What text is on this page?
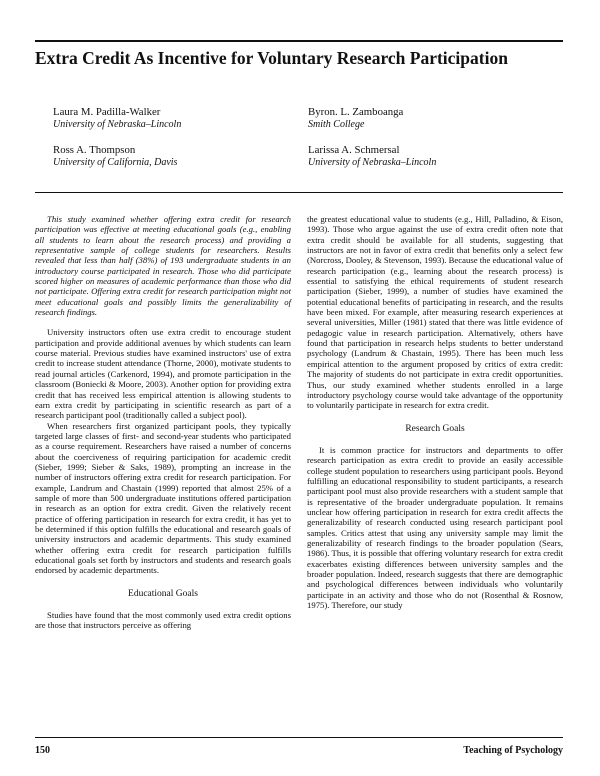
Extra Credit As Incentive for Voluntary Research Participation
Laura M. Padilla-Walker
University of Nebraska–Lincoln
Byron. L. Zamboanga
Smith College
Ross A. Thompson
University of California, Davis
Larissa A. Schmersal
University of Nebraska–Lincoln

This study examined whether offering extra credit for research participation was effective at meeting educational goals (e.g., enabling all students to learn about the research process) and providing a representative sample of college students for researchers. Results revealed that less than half (38%) of 193 undergraduate students in an introductory course participated in research. Those who did participate scored higher on measures of academic performance than those who did not participate. Offering extra credit for research participation might not meet educational goals and possibly limits the generalizability of research findings.

University instructors often use extra credit to encourage student participation and provide additional avenues by which students can learn course material. Previous studies have examined instructors' use of extra credit to increase student attendance (Thorne, 2000), motivate students to read journal articles (Carkenord, 1994), and promote participation in the classroom (Boniecki & Moore, 2003). Another option for providing extra credit that has received less empirical attention is allowing students to earn extra credit by participating in scientific research as part of a research participant pool (traditionally called a subject pool).

When researchers first organized participant pools, they typically targeted large classes of first- and second-year students who participated as a course requirement. Researchers have raised a number of concerns about the coerciveness of requiring participation for academic credit (Sieber, 1999; Sieber & Saks, 1989), prompting an increase in the number of instructors offering extra credit for research participation. For example, Landrum and Chastain (1999) reported that almost 25% of a sample of more than 500 undergraduate institutions offered participation in research as an option for extra credit. Given the relatively recent practice of offering participation in research for extra credit, it has yet to be determined if this option fulfills the educational and research goals of university instructors and academic departments. This study examined whether offering extra credit for research participation fulfills educational goals set forth by instructors and students and research goals endorsed by academic departments.

Educational Goals

Studies have found that the most commonly used extra credit options are those that instructors perceive as offering

the greatest educational value to students (e.g., Hill, Palladino, & Eison, 1993). Those who argue against the use of extra credit often note that extra credit should be available for all students, suggesting that instructors are not in favor of extra credit that benefits only a select few (Norcross, Dooley, & Stevenson, 1993). Because the educational value of research participation (e.g., learning about the research process) is essential to satisfying the ethical requirements of student research participation (Sieber, 1999), a number of studies have examined the potential educational benefits of participating in research, and the results have been mixed. For example, after measuring research experiences at several universities, Miller (1981) stated that there was little evidence of pedagogic value in research participation. Alternatively, others have found that participation in research helps students to better understand psychology (Landrum & Chastain, 1995). There has been much less empirical attention to the argument proposed by critics of extra credit: The majority of students do not participate in extra credit opportunities. Thus, our study examined whether students enrolled in a large introductory psychology course would take advantage of the opportunity to voluntarily participate in research for extra credit.

Research Goals

It is common practice for instructors and departments to offer research participation as extra credit to provide an easily accessible college student population to researchers using participant pools. Beyond fulfilling an educational responsibility to student participants, a research participant pool must also provide researchers with a student sample that is representative of the broader undergraduate population. It remains unclear how offering participation in research for extra credit affects the generalizability of research conducted using research participant pool samples. Critics attest that using any university sample may limit the generalizability of research findings to the broader population (Sears, 1986). Thus, it is possible that offering voluntary research for extra credit exacerbates existing differences between university samples and the broader population. Indeed, research suggests that there are demographic and psychological differences between individuals who voluntarily participate in an activity and those who do not (Rosenthal & Rosnow, 1975). Therefore, our study

150	Teaching of Psychology
